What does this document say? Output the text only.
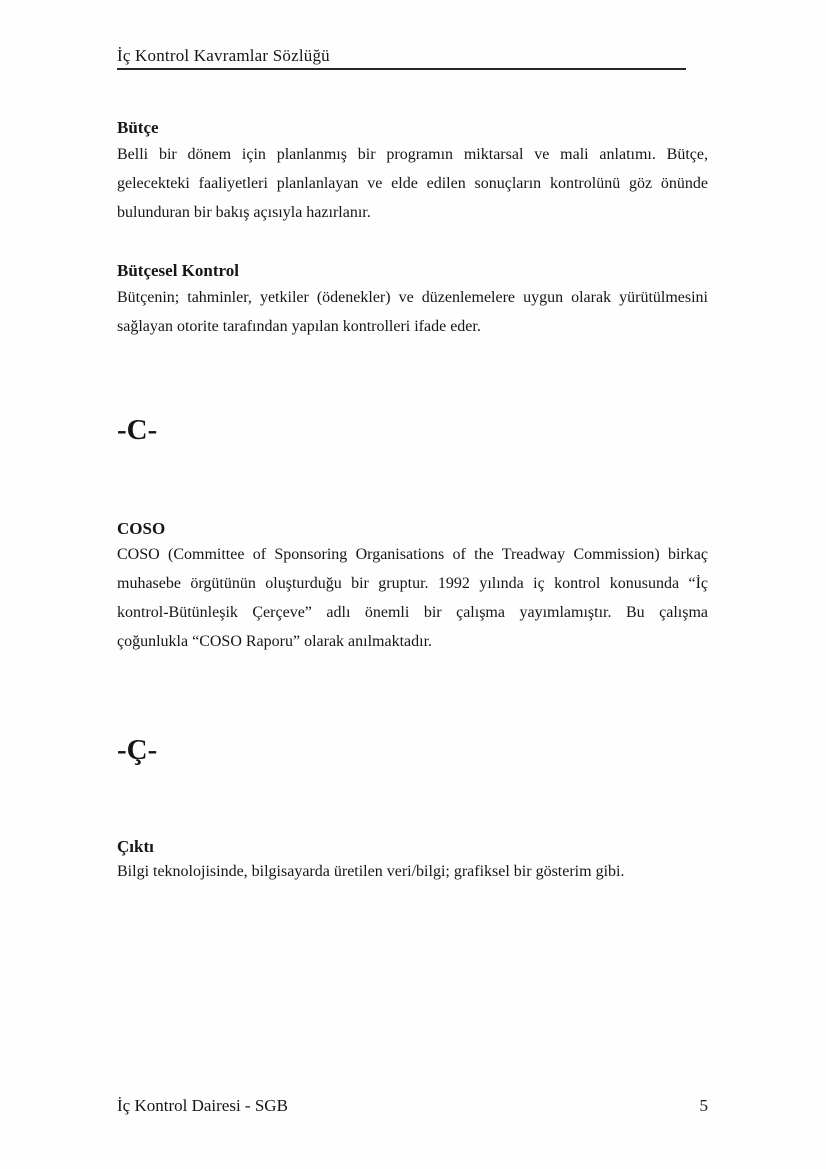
İç Kontrol Kavramlar Sözlüğü
Bütçe
Belli bir dönem için planlanmış bir programın miktarsal ve mali anlatımı. Bütçe,
gelecekteki faaliyetleri planlanlayan ve elde edilen sonuçların kontrolünü göz önünde
bulunduran bir bakış açısıyla hazırlanır.
Bütçesel Kontrol
Bütçenin; tahminler, yetkiler (ödenekler) ve düzenlemelere uygun olarak yürütülmesini
sağlayan otorite tarafından yapılan kontrolleri ifade eder.
-C-
COSO
COSO (Committee of Sponsoring Organisations of the Treadway Commission) birkaç
muhasebe örgütünün oluşturduğu bir gruptur. 1992 yılında iç kontrol konusunda “İç
kontrol-Bütünleşik Çerçeve” adlı önemli bir çalışma yayımlamıştır. Bu çalışma
çoğunlukla “COSO Raporu” olarak anılmaktadır.
-Ç-
Çıktı
Bilgi teknolojisinde, bilgisayarda üretilen veri/bilgi; grafiksel bir gösterim gibi.
İç Kontrol Dairesi - SGB	5
